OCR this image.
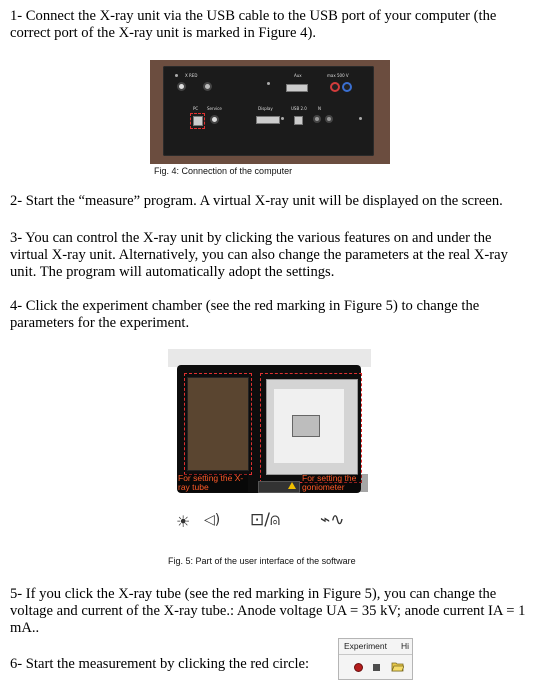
1- Connect the X-ray unit via the USB cable to the USB port of your computer (the correct port of the X-ray unit is marked in Figure 4).

X RED	Aux	max 500 V
PC Service	Display	USB 2.0	N
Fig. 4: Connection of the computer

2- Start the “measure” program. A virtual X-ray unit will be displayed on the screen.

3- You can control the X-ray unit by clicking the various features on and under the virtual X-ray unit. Alternatively, you can also change the parameters at the real X-ray unit. The program will automatically adopt the settings.

4- Click the experiment chamber (see the red marking in Figure 5) to change the parameters for the experiment.

For setting the X-ray tube
For setting the goniometer
PHYWE
☀ ◁) ⊡/⍝ ⌁∿
Fig. 5: Part of the user interface of the software

5- If you click the X-ray tube (see the red marking in Figure 5), you can change the voltage and current of the X-ray tube.: Anode voltage UA = 35 kV; anode current IA = 1 mA..

6- Start the measurement by clicking the red circle:

Experiment Hi
